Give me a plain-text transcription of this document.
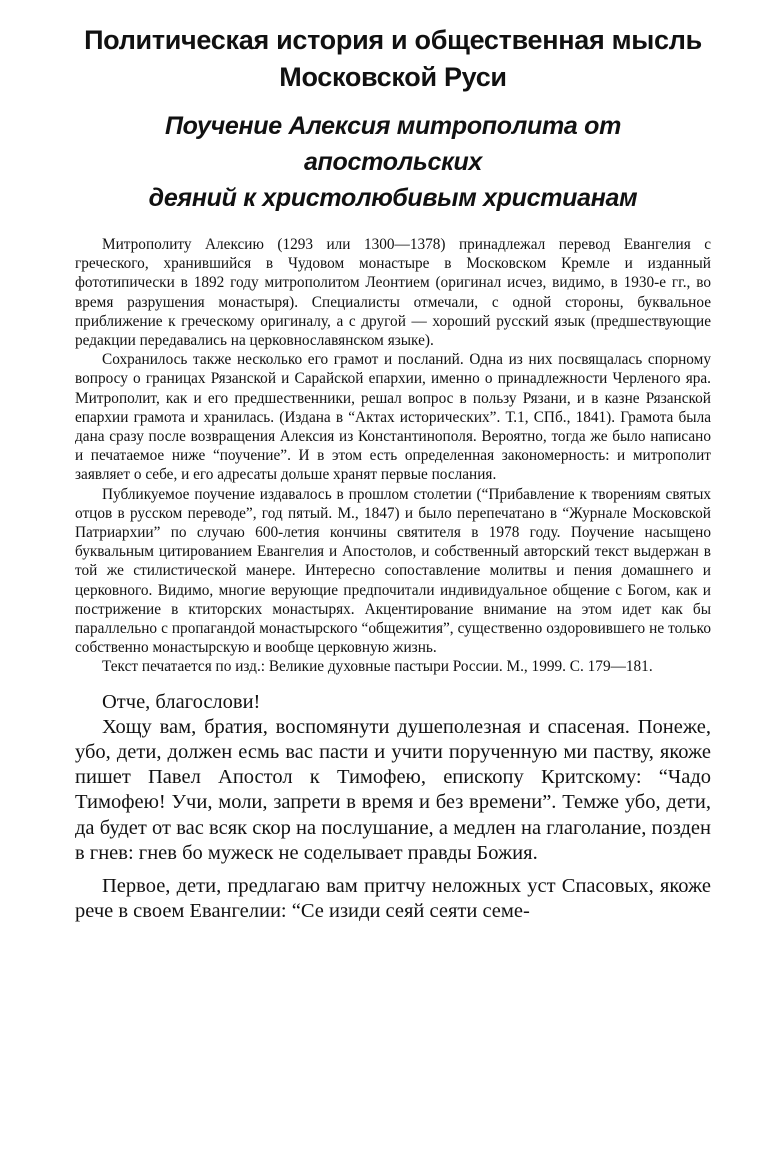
Политическая история и общественная мысль
Московской Руси
Поучение Алексия митрополита от апостольских
деяний к христолюбивым христианам

Митрополиту Алексию (1293 или 1300—1378) принадлежал перевод Евангелия с греческого, хранившийся в Чудовом монастыре в Московском Кремле и изданный фототипически в 1892 году митрополитом Леонтием (оригинал исчез, видимо, в 1930-е гг., во время разрушения монастыря). Специалисты отмечали, с одной стороны, буквальное приближение к греческому оригиналу, а с другой — хороший русский язык (предшествующие редакции передавались на церковнославянском языке).

Сохранилось также несколько его грамот и посланий. Одна из них посвящалась спорному вопросу о границах Рязанской и Сарайской епархии, именно о принадлежности Черленого яра. Митрополит, как и его предшественники, решал вопрос в пользу Рязани, и в казне Рязанской епархии грамота и хранилась. (Издана в “Актах исторических”. Т.1, СПб., 1841). Грамота была дана сразу после возвращения Алексия из Константинополя. Вероятно, тогда же было написано и печатаемое ниже “поучение”. И в этом есть определенная закономерность: и митрополит заявляет о себе, и его адресаты дольше хранят первые послания.

Публикуемое поучение издавалось в прошлом столетии (“Прибавление к творениям святых отцов в русском переводе”, год пятый. М., 1847) и было перепечатано в “Журнале Московской Патриархии” по случаю 600-летия кончины святителя в 1978 году. Поучение насыщено буквальным цитированием Евангелия и Апостолов, и собственный авторский текст выдержан в той же стилистической манере. Интересно сопоставление молитвы и пения домашнего и церковного. Видимо, многие верующие предпочитали индивидуальное общение с Богом, как и пострижение в ктиторских монастырях. Акцентирование внимание на этом идет как бы параллельно с пропагандой монастырского “общежития”, существенно оздоровившего не только собственно монастырскую и вообще церковную жизнь.

Текст печатается по изд.: Великие духовные пастыри России. М., 1999. С. 179—181.

Отче, благослови!

Хощу вам, братия, воспомянути душеполезная и спасеная. Понеже, убо, дети, должен есмь вас пасти и учити порученную ми паству, якоже пишет Павел Апостол к Тимофею, епископу Критскому: “Чадо Тимофею! Учи, моли, запрети в время и без времени”. Темже убо, дети, да будет от вас всяк скор на послушание, а медлен на глаголание, позден в гнев: гнев бо мужеск не соделывает правды Божия.

Первое, дети, предлагаю вам притчу неложных уст Спасовых, якоже рече в своем Евангелии: “Се изиди сеяй сеяти семе-
